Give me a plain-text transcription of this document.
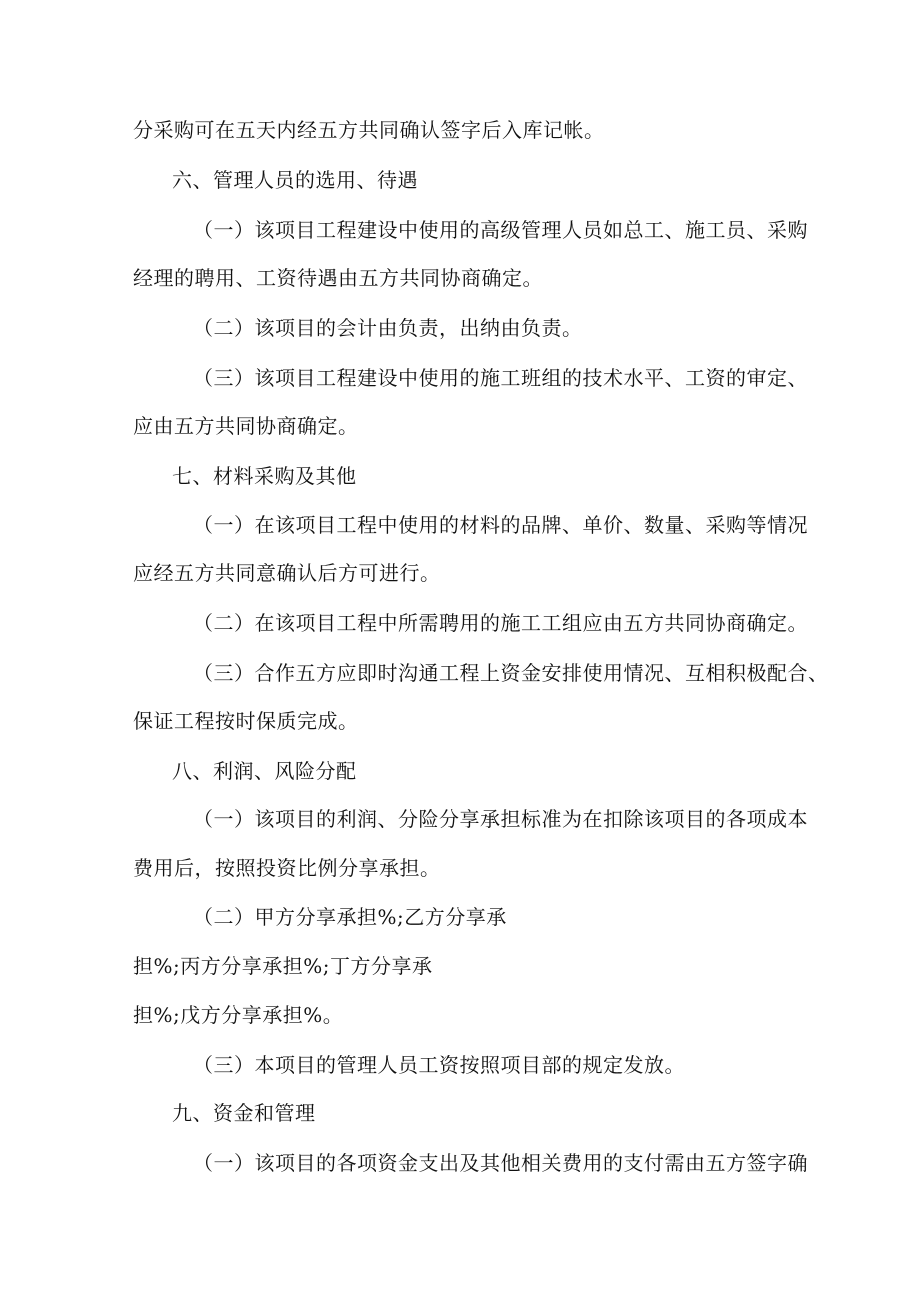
分采购可在五天内经五方共同确认签字后入库记帐。
六、管理人员的选用、待遇
（一）该项目工程建设中使用的高级管理人员如总工、施工员、采购
经理的聘用、工资待遇由五方共同协商确定。
（二）该项目的会计由负责，出纳由负责。
（三）该项目工程建设中使用的施工班组的技术水平、工资的审定、
应由五方共同协商确定。
七、材料采购及其他
（一）在该项目工程中使用的材料的品牌、单价、数量、采购等情况
应经五方共同意确认后方可进行。
（二）在该项目工程中所需聘用的施工工组应由五方共同协商确定。
（三）合作五方应即时沟通工程上资金安排使用情况、互相积极配合、
保证工程按时保质完成。
八、利润、风险分配
（一）该项目的利润、分险分享承担标准为在扣除该项目的各项成本
费用后，按照投资比例分享承担。
（二）甲方分享承担%;乙方分享承
担%;丙方分享承担%;丁方分享承
担%;戊方分享承担%。
（三）本项目的管理人员工资按照项目部的规定发放。
九、资金和管理
（一）该项目的各项资金支出及其他相关费用的支付需由五方签字确
